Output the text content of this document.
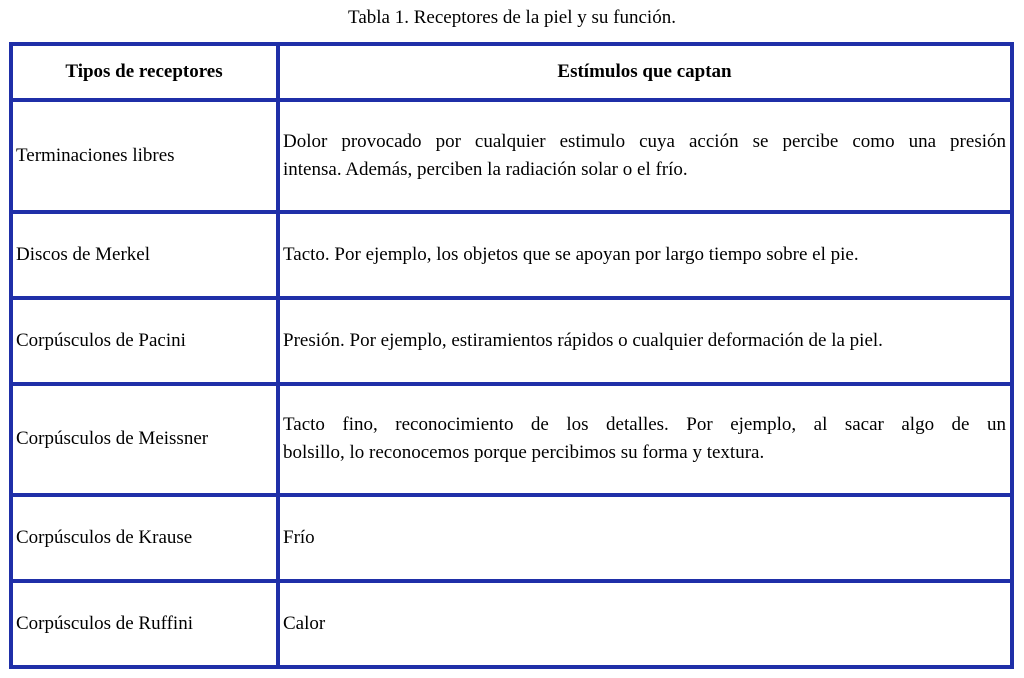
Tabla 1. Receptores de la piel y su función.
Tipos de receptores	Estímulos que captan
Terminaciones libres	Dolor provocado por cualquier estimulo cuya acción se percibe como una presión
intensa. Además, perciben la radiación solar o el frío.

Discos de Merkel	Tacto. Por ejemplo, los objetos que se apoyan por largo tiempo sobre el pie.

Corpúsculos de Pacini	Presión. Por ejemplo, estiramientos rápidos o cualquier deformación de la piel.

Corpúsculos de Meissner	Tacto fino, reconocimiento de los detalles. Por ejemplo, al sacar algo de un
bolsillo, lo reconocemos porque percibimos su forma y textura.

Corpúsculos de Krause	Frío

Corpúsculos de Ruffini	Calor
